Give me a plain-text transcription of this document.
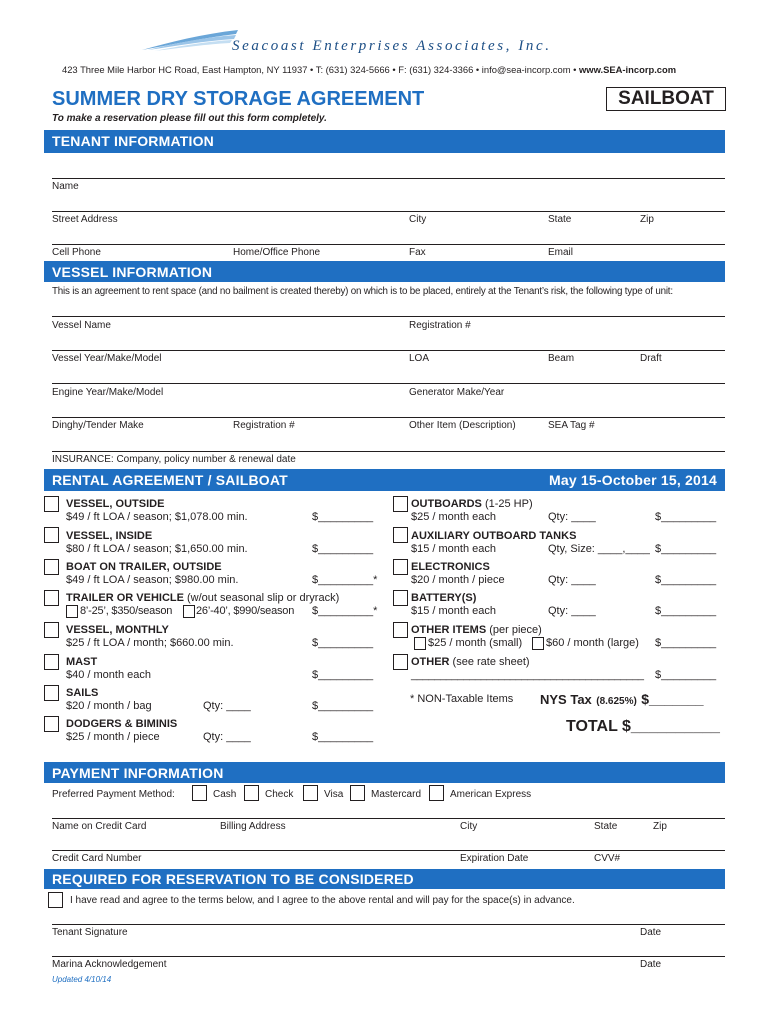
Seacoast Enterprises Associates, Inc.
423 Three Mile Harbor HC Road, East Hampton, NY 11937 • T: (631) 324-5666 • F: (631) 324-3366 • info@sea-incorp.com • www.SEA-incorp.com
SUMMER DRY STORAGE AGREEMENT	SAILBOAT
To make a reservation please fill out this form completely.
TENANT INFORMATION
Name
Street Address	City	State	Zip
Cell Phone	Home/Office Phone	Fax	Email
VESSEL INFORMATION
This is an agreement to rent space (and no bailment is created thereby) on which is to be placed, entirely at the Tenant’s risk, the following type of unit:
Vessel Name	Registration #
Vessel Year/Make/Model	LOA	Beam	Draft
Engine Year/Make/Model	Generator Make/Year
Dinghy/Tender Make	Registration #	Other Item (Description)	SEA Tag #
INSURANCE: Company, policy number & renewal date
RENTAL AGREEMENT / SAILBOAT	May 15-October 15, 2014
VESSEL, OUTSIDE
$49 / ft LOA / season; $1,078.00 min.	$_________
VESSEL, INSIDE
$80 / ft LOA / season; $1,650.00 min.	$_________
BOAT ON TRAILER, OUTSIDE
$49 / ft LOA / season; $980.00 min.	$_________*
TRAILER OR VEHICLE (w/out seasonal slip or dryrack)
8’-25’, $350/season 26’-40’, $990/season $_________*
VESSEL, MONTHLY
$25 / ft LOA / month; $660.00 min.	$_________
MAST
$40 / month each	$_________
SAILS
$20 / month / bag	Qty: ____	$_________
DODGERS & BIMINIS
$25 / month / piece	Qty: ____	$_________
OUTBOARDS (1-25 HP)
$25 / month each	Qty: ____	$_________
AUXILIARY OUTBOARD TANKS
$15 / month each	Qty, Size: ____,____ $_________
ELECTRONICS
$20 / month / piece	Qty: ____	$_________
BATTERY(S)
$15 / month each	Qty: ____	$_________
OTHER ITEMS (per piece)
$25 / month (small) $60 / month (large) $_________
OTHER (see rate sheet)
________________________________________ $_________
* NON-Taxable Items NYS Tax (8.625%) $_______
TOTAL $__________
PAYMENT INFORMATION
Preferred Payment Method:	Cash	Check	Visa	Mastercard	American Express
Name on Credit Card	Billing Address	City	State	Zip
Credit Card Number	Expiration Date	CVV#
REQUIRED FOR RESERVATION TO BE CONSIDERED
I have read and agree to the terms below, and I agree to the above rental and will pay for the space(s) in advance.
Tenant Signature	Date
Marina Acknowledgement	Date
Updated 4/10/14
